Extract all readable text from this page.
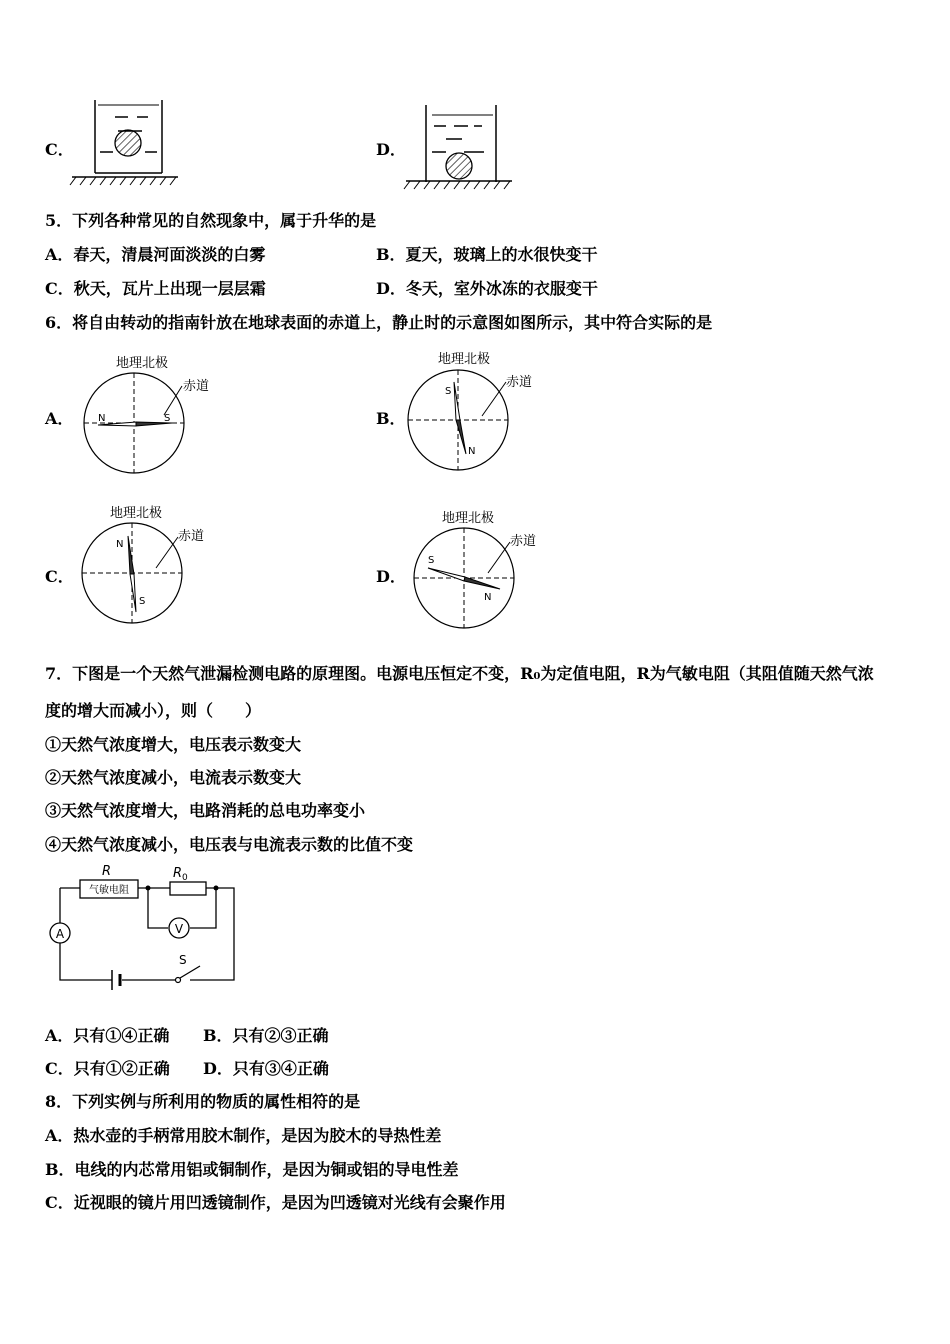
C．	D．
5．下列各种常见的自然现象中，属于升华的是
A．春天，清晨河面淡淡的白雾	B．夏天，玻璃上的水很快变干
C．秋天，瓦片上出现一层层霜	D．冬天，室外冰冻的衣服变干
6．将自由转动的指南针放在地球表面的赤道上，静止时的示意图如图所示，其中符合实际的是
A．
地理北极
赤道
N	S	B．
地理北极
赤道
S
N
C．
地理北极
赤道
N
S
D．
地理北极
赤道
S
N
7．下图是一个天然气泄漏检测电路的原理图。电源电压恒定不变，R₀为定值电阻，R为气敏电阻（其阻值随天然气浓
度的增大而减小），则（　　）
①天然气浓度增大，电压表示数变大
②天然气浓度减小，电流表示数变大
③天然气浓度增大，电路消耗的总电功率变小
④天然气浓度减小，电压表与电流表示数的比值不变
气敏电阻
R	R 0
A	V
S
A．只有①④正确 B．只有②③正确
C．只有①②正确 D．只有③④正确
8．下列实例与所利用的物质的属性相符的是
A．热水壶的手柄常用胶木制作，是因为胶木的导热性差
B．电线的内芯常用铝或铜制作，是因为铜或铝的导电性差
C．近视眼的镜片用凹透镜制作，是因为凹透镜对光线有会聚作用
